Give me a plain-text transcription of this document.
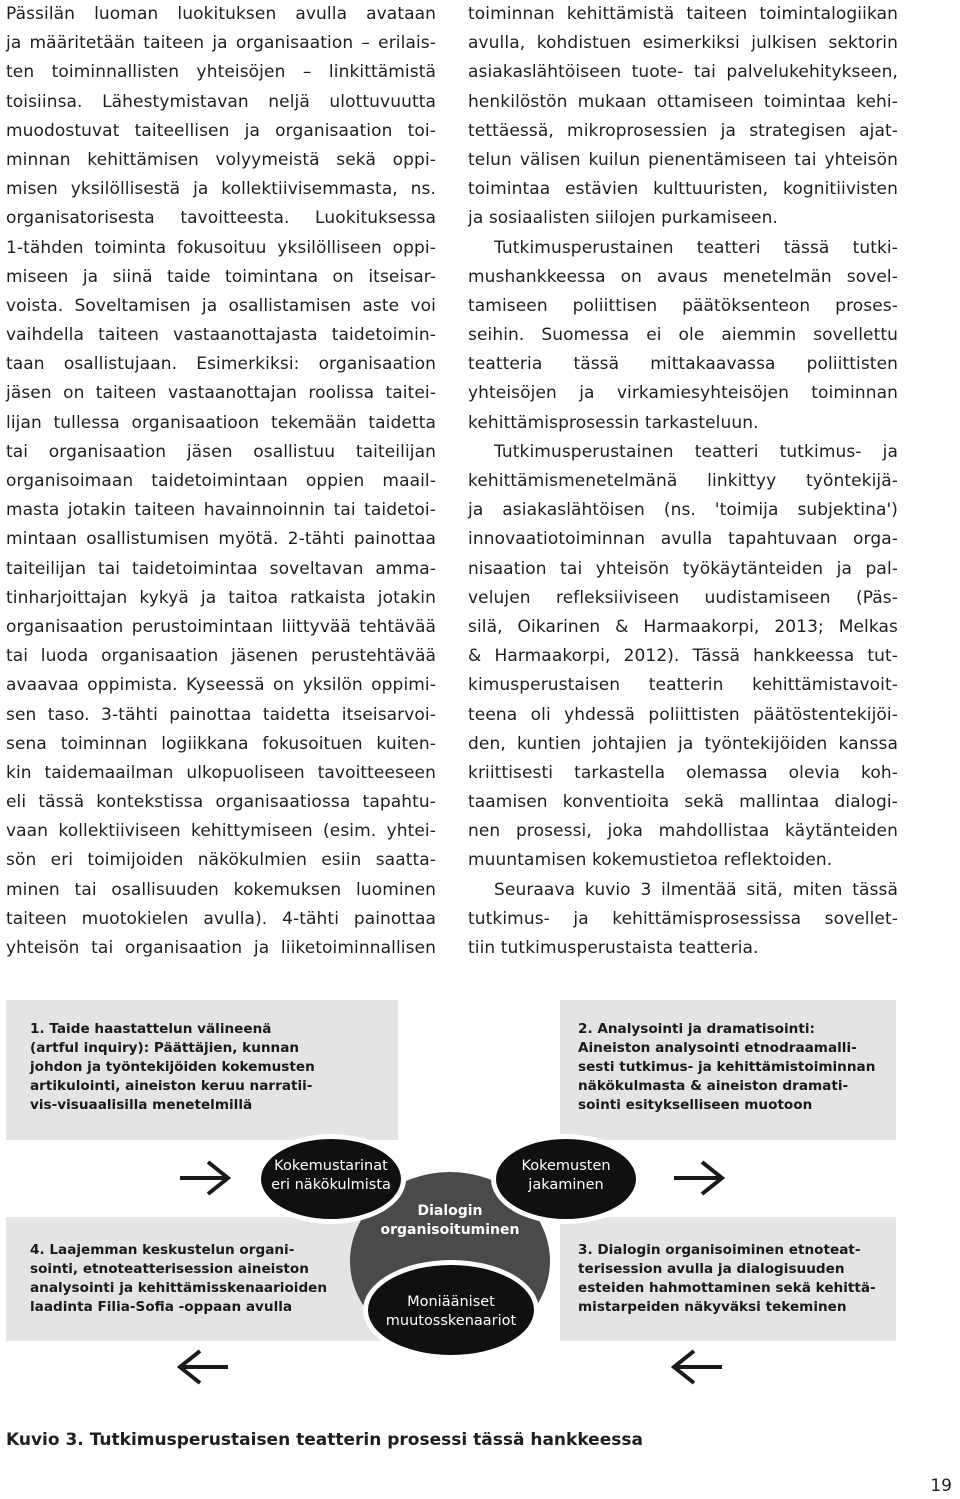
Pässilän luoman luokituksen avulla avataan
ja määritetään taiteen ja organisaation – erilais-
ten toiminnallisten yhteisöjen – linkittämistä
toisiinsa. Lähestymistavan neljä ulottuvuutta
muodostuvat taiteellisen ja organisaation toi-
minnan kehittämisen volyymeistä sekä oppi-
misen yksilöllisestä ja kollektiivisemmasta, ns.
organisatorisesta tavoitteesta. Luokituksessa
1-tähden toiminta fokusoituu yksilölliseen oppi-
miseen ja siinä taide toimintana on itseisar-
voista. Soveltamisen ja osallistamisen aste voi
vaihdella taiteen vastaanottajasta taidetoimin-
taan osallistujaan. Esimerkiksi: organisaation
jäsen on taiteen vastaanottajan roolissa taitei-
lijan tullessa organisaatioon tekemään taidetta
tai organisaation jäsen osallistuu taiteilijan
organisoimaan taidetoimintaan oppien maail-
masta jotakin taiteen havainnoinnin tai taidetoi-
mintaan osallistumisen myötä. 2-tähti painottaa
taiteilijan tai taidetoimintaa soveltavan amma-
tinharjoittajan kykyä ja taitoa ratkaista jotakin
organisaation perustoimintaan liittyvää tehtävää
tai luoda organisaation jäsenen perustehtävää
avaavaa oppimista. Kyseessä on yksilön oppimi-
sen taso. 3-tähti painottaa taidetta itseisarvoi-
sena toiminnan logiikkana fokusoituen kuiten-
kin taidemaailman ulkopuoliseen tavoitteeseen
eli tässä kontekstissa organisaatiossa tapahtu-
vaan kollektiiviseen kehittymiseen (esim. yhtei-
sön eri toimijoiden näkökulmien esiin saatta-
minen tai osallisuuden kokemuksen luominen
taiteen muotokielen avulla). 4-tähti painottaa
yhteisön tai organisaation ja liiketoiminnallisen
toiminnan kehittämistä taiteen toimintalogiikan
avulla, kohdistuen esimerkiksi julkisen sektorin
asiakaslähtöiseen tuote- tai palvelukehitykseen,
henkilöstön mukaan ottamiseen toimintaa kehi-
tettäessä, mikroprosessien ja strategisen ajat-
telun välisen kuilun pienentämiseen tai yhteisön
toimintaa estävien kulttuuristen, kognitiivisten
ja sosiaalisten siilojen purkamiseen.
Tutkimusperustainen teatteri tässä tutki-
mushankkeessa on avaus menetelmän sovel-
tamiseen poliittisen päätöksenteon proses-
seihin. Suomessa ei ole aiemmin sovellettu
teatteria tässä mittakaavassa poliittisten
yhteisöjen ja virkamiesyhteisöjen toiminnan
kehittämisprosessin tarkasteluun.
Tutkimusperustainen teatteri tutkimus- ja
kehittämismenetelmänä linkittyy työntekijä-
ja asiakaslähtöisen (ns. 'toimija subjektina')
innovaatiotoiminnan avulla tapahtuvaan orga-
nisaation tai yhteisön työkäytänteiden ja pal-
velujen refleksiiviseen uudistamiseen (Päs-
silä, Oikarinen & Harmaakorpi, 2013; Melkas
& Harmaakorpi, 2012). Tässä hankkeessa tut-
kimusperustaisen teatterin kehittämistavoit-
teena oli yhdessä poliittisten päätöstentekijöi-
den, kuntien johtajien ja työntekijöiden kanssa
kriittisesti tarkastella olemassa olevia koh-
taamisen konventioita sekä mallintaa dialogi-
nen prosessi, joka mahdollistaa käytänteiden
muuntamisen kokemustietoa reflektoiden.
Seuraava kuvio 3 ilmentää sitä, miten tässä
tutkimus- ja kehittämisprosessissa sovellet-
tiin tutkimusperustaista teatteria.
1. Taide haastattelun välineenä
(artful inquiry): Päättäjien, kunnan
johdon ja työntekijöiden kokemusten
artikulointi, aineiston keruu narratii-
vis-visuaalisilla menetelmillä
2. Analysointi ja dramatisointi:
Aineiston analysointi etnodraamalli-
sesti tutkimus- ja kehittämistoiminnan
näkökulmasta & aineiston dramati-
sointi esitykselliseen muotoon
4. Laajemman keskustelun organi-
sointi, etnoteatterisession aineiston
analysointi ja kehittämisskenaarioiden
laadinta Filia-Sofia -oppaan avulla
3. Dialogin organisoiminen etnoteat-
terisession avulla ja dialogisuuden
esteiden hahmottaminen sekä kehittä-
mistarpeiden näkyväksi tekeminen
Dialogin
organisoituminen
Kokemustarinat
eri näkökulmista
Kokemusten
jakaminen
Moniääniset
muutosskenaariot
Kuvio 3. Tutkimusperustaisen teatterin prosessi tässä hankkeessa
19
